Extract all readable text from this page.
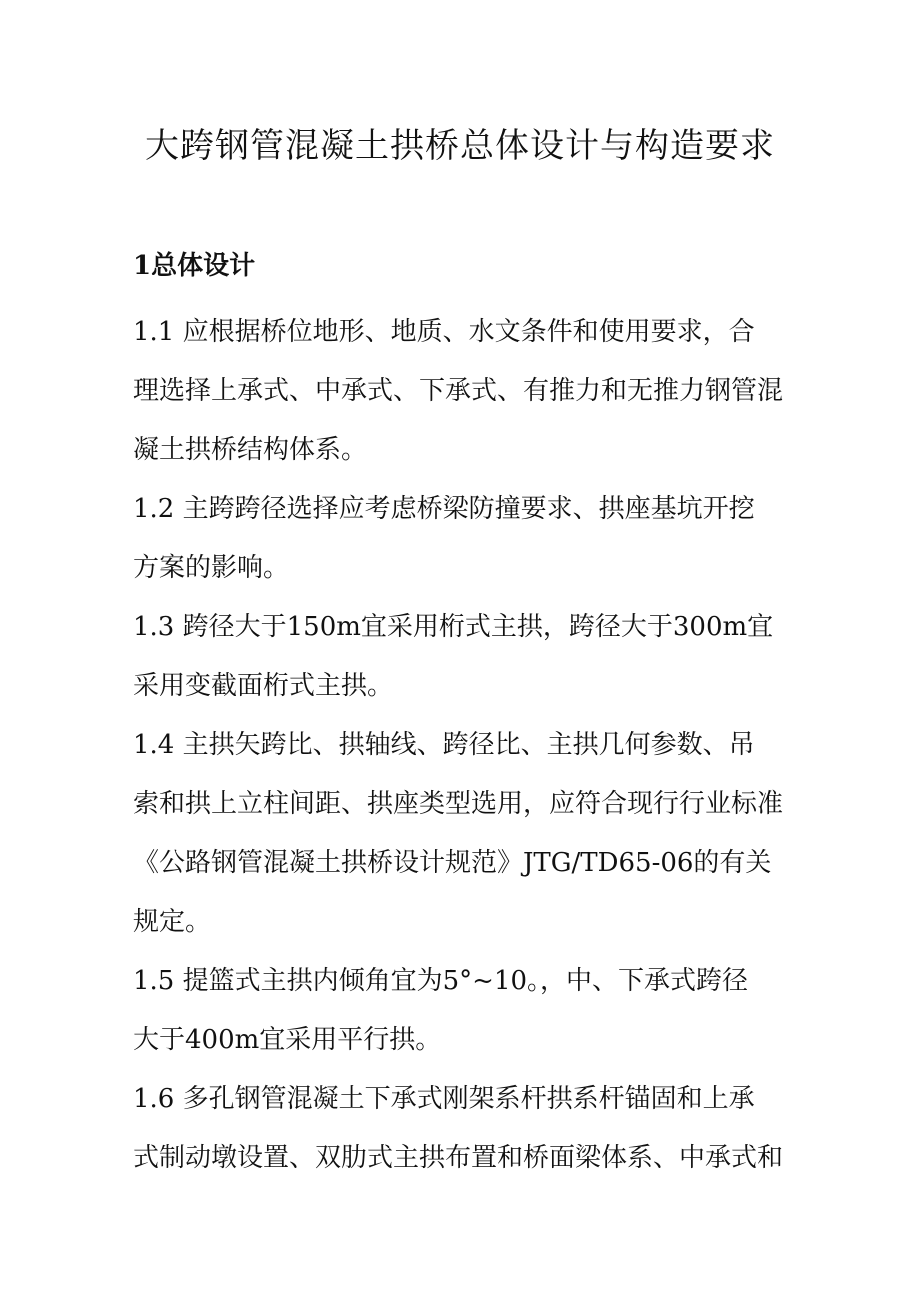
大跨钢管混凝土拱桥总体设计与构造要求
1总体设计
1.1 应根据桥位地形、地质、水文条件和使用要求，合
理选择上承式、中承式、下承式、有推力和无推力钢管混
凝土拱桥结构体系。
1.2 主跨跨径选择应考虑桥梁防撞要求、拱座基坑开挖
方案的影响。
1.3 跨径大于150m宜采用桁式主拱，跨径大于300m宜
采用变截面桁式主拱。
1.4 主拱矢跨比、拱轴线、跨径比、主拱几何参数、吊
索和拱上立柱间距、拱座类型选用，应符合现行行业标准
《公路钢管混凝土拱桥设计规范》JTG/TD65-06的有关
规定。
1.5 提篮式主拱内倾角宜为5°~10。，中、下承式跨径
大于400m宜采用平行拱。
1.6 多孔钢管混凝土下承式刚架系杆拱系杆锚固和上承
式制动墩设置、双肋式主拱布置和桥面梁体系、中承式和
